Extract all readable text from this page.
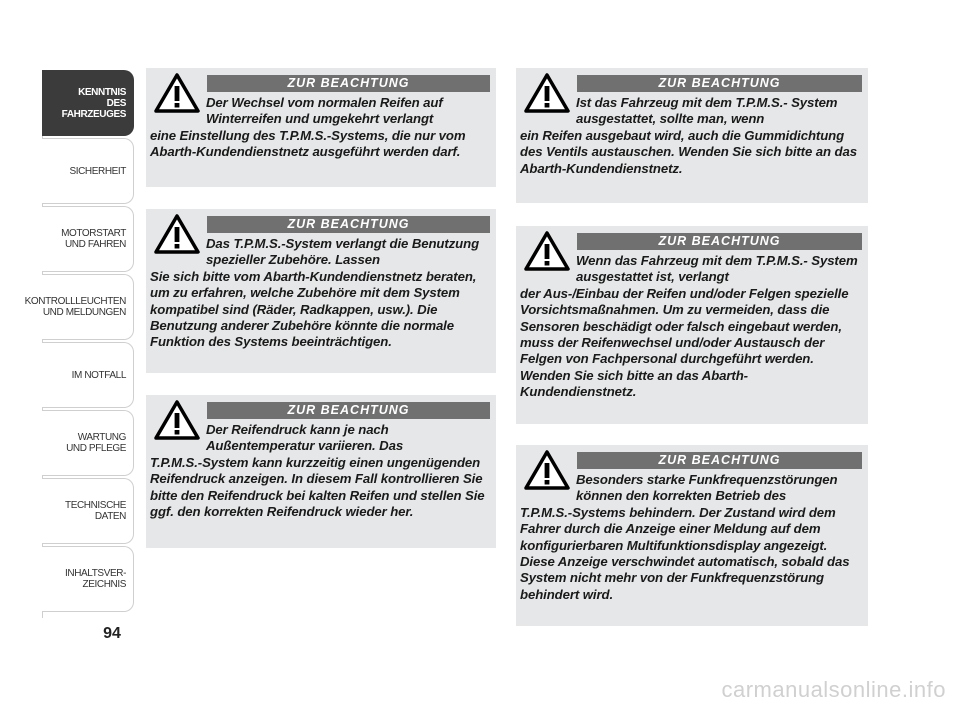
KENNTNIS
DES FAHRZEUGES
SICHERHEIT
MOTORSTART
UND FAHREN
KONTROLLLEUCHTEN
UND MELDUNGEN
IM NOTFALL
WARTUNG
UND PFLEGE
TECHNISCHE
DATEN
INHALTSVER-
ZEICHNIS
94
ZUR BEACHTUNG
Der Wechsel vom normalen Reifen auf Winterreifen und umgekehrt verlangt
eine Einstellung des T.P.M.S.-Systems, die nur vom Abarth-Kundendienstnetz ausgeführt werden darf.
ZUR BEACHTUNG
Das T.P.M.S.-System verlangt die Benutzung spezieller Zubehöre. Lassen
Sie sich bitte vom Abarth-Kundendienstnetz beraten, um zu erfahren, welche Zubehöre mit dem System kompatibel sind (Räder, Radkappen, usw.). Die Benutzung anderer Zubehöre könnte die normale Funktion des Systems beeinträchtigen.
ZUR BEACHTUNG
Der Reifendruck kann je nach Außentemperatur variieren. Das
T.P.M.S.-System kann kurzzeitig einen ungenügenden Reifendruck anzeigen. In diesem Fall kontrollieren Sie bitte den Reifendruck bei kalten Reifen und stellen Sie ggf. den korrekten Reifendruck wieder her.
ZUR BEACHTUNG
Ist das Fahrzeug mit dem T.P.M.S.- System ausgestattet, sollte man, wenn
ein Reifen ausgebaut wird, auch die Gummidichtung des Ventils austauschen. Wenden Sie sich bitte an das Abarth-Kundendienstnetz.
ZUR BEACHTUNG
Wenn das Fahrzeug mit dem T.P.M.S.- System ausgestattet ist, verlangt
der Aus-/Einbau der Reifen und/oder Felgen spezielle Vorsichtsmaßnahmen. Um zu vermeiden, dass die Sensoren beschädigt oder falsch eingebaut werden, muss der Reifenwechsel und/oder Austausch der Felgen von Fachpersonal durchgeführt werden. Wenden Sie sich bitte an das Abarth-Kundendienstnetz.
ZUR BEACHTUNG
Besonders starke Funkfrequenzstörungen können den korrekten Betrieb des
T.P.M.S.-Systems behindern. Der Zustand wird dem Fahrer durch die Anzeige einer Meldung auf dem konfigurierbaren Multifunktionsdisplay angezeigt. Diese Anzeige verschwindet automatisch, sobald das System nicht mehr von der Funkfrequenzstörung behindert wird.
carmanualsonline.info
